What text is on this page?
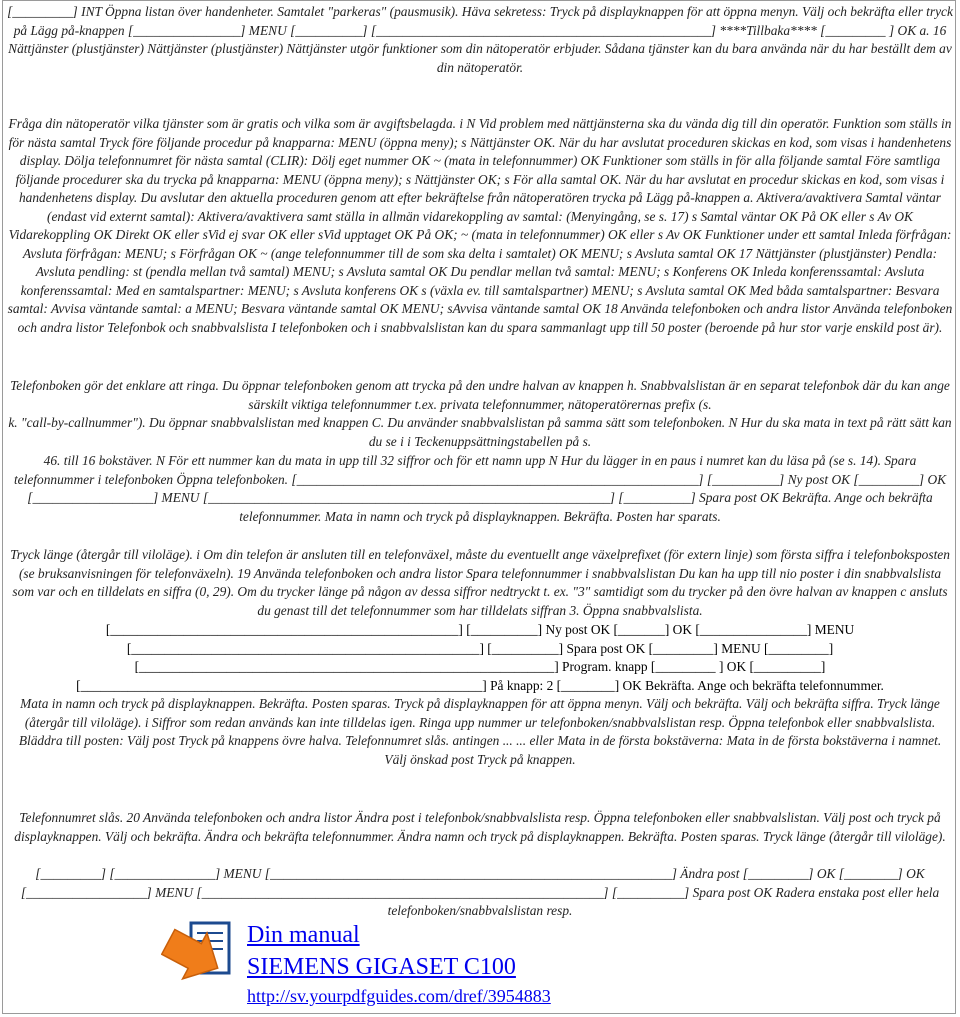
[_________] INT Öppna listan över handenheter. Samtalet "parkeras" (pausmusik). Häva sekretess: Tryck på displayknappen för att öppna menyn. Välj och bekräfta eller tryck på Lägg på-knappen [________________] MENU [__________] [__________________________________________________] ****Tillbaka**** [_________ ] OK a. 16 Nättjänster (plustjänster) Nättjänster (plustjänster) Nättjänster utgör funktioner som din nätoperatör erbjuder. Sådana tjänster kan du bara använda när du har beställt dem av din nätoperatör.
Fråga din nätoperatör vilka tjänster som är gratis och vilka som är avgiftsbelagda. i N Vid problem med nättjänsterna ska du vända dig till din operatör. Funktion som ställs in för nästa samtal Tryck före följande procedur på knapparna: MENU (öppna meny); s Nättjänster OK. När du har avslutat proceduren skickas en kod, som visas i handenhetens display. Dölja telefonnumret för nästa samtal (CLIR): Dölj eget nummer OK ~ (mata in telefonnummer) OK Funktioner som ställs in för alla följande samtal Före samtliga följande procedurer ska du trycka på knapparna: MENU (öppna meny); s Nättjänster OK; s För alla samtal OK. När du har avslutat en procedur skickas en kod, som visas i handenhetens display. Du avslutar den aktuella proceduren genom att efter bekräftelse från nätoperatören trycka på Lägg på-knappen a. Aktivera/avaktivera Samtal väntar (endast vid externt samtal): Aktivera/avaktivera samt ställa in allmän vidarekoppling av samtal: (Menyingång, se s. 17) s Samtal väntar OK På OK eller s Av OK Vidarekoppling OK Direkt OK eller sVid ej svar OK eller sVid upptaget OK På OK; ~ (mata in telefonnummer) OK eller s Av OK Funktioner under ett samtal Inleda förfrågan: Avsluta förfrågan: MENU; s Förfrågan OK ~ (ange telefonnummer till de som ska delta i samtalet) OK MENU; s Avsluta samtal OK 17 Nättjänster (plustjänster) Pendla: Avsluta pendling: st (pendla mellan två samtal) MENU; s Avsluta samtal OK Du pendlar mellan två samtal: MENU; s Konferens OK Inleda konferenssamtal: Avsluta konferenssamtal: Med en samtalspartner: MENU; s Avsluta konferens OK s (växla ev. till samtalspartner) MENU; s Avsluta samtal OK Med båda samtalspartner: Besvara samtal: Avvisa väntande samtal: a MENU; Besvara väntande samtal OK MENU; sAvvisa väntande samtal OK 18 Använda telefonboken och andra listor Använda telefonboken och andra listor Telefonbok och snabbvalslista I telefonboken och i snabbvalslistan kan du spara sammanlagt upp till 50 poster (beroende på hur stor varje enskild post är).
Telefonboken gör det enklare att ringa. Du öppnar telefonboken genom att trycka på den undre halvan av knappen h. Snabbvalslistan är en separat telefonbok där du kan ange särskilt viktiga telefonnummer t.ex. privata telefonnummer, nätoperatörernas prefix (s.
k. "call-by-callnummer"). Du öppnar snabbvalslistan med knappen C. Du använder snabbvalslistan på samma sätt som telefonboken. N Hur du ska mata in text på rätt sätt kan du se i i Teckenuppsättningstabellen på s.
46. till 16 bokstäver. N För ett nummer kan du mata in upp till 32 siffror och för ett namn upp N Hur du lägger in en paus i numret kan du läsa på (se s. 14). Spara telefonnummer i telefonboken Öppna telefonboken. [____________________________________________________________] [__________] Ny post OK [_________] OK [__________________] MENU [____________________________________________________________] [__________] Spara post OK Bekräfta. Ange och bekräfta telefonnummer. Mata in namn och tryck på displayknappen. Bekräfta. Posten har sparats.
Tryck länge (återgår till viloläge). i Om din telefon är ansluten till en telefonväxel, måste du eventuellt ange växelprefixet (för extern linje) som första siffra i telefonboksposten (se bruksanvisningen för telefonväxeln). 19 Använda telefonboken och andra listor Spara telefonnummer i snabbvalslistan Du kan ha upp till nio poster i din snabbvalslista som var och en tilldelats en siffra (0, 29). Om du trycker länge på någon av dessa siffror nedtryckt t. ex. "3" samtidigt som du trycker på den övre halvan av knappen c ansluts du genast till det telefonnummer som har tilldelats siffran 3. Öppna snabbvalslista.
[____________________________________________________] [__________] Ny post OK [_______] OK [________________] MENU [____________________________________________________] [__________] Spara post OK [_________] MENU [_________] [______________________________________________________________] Program. knapp [_________ ] OK [__________] [____________________________________________________________] På knapp: 2 [________] OK Bekräfta. Ange och bekräfta telefonnummer.
Mata in namn och tryck på displayknappen. Bekräfta. Posten sparas. Tryck på displayknappen för att öppna menyn. Välj och bekräfta. Välj och bekräfta siffra. Tryck länge (återgår till viloläge). i Siffror som redan används kan inte tilldelas igen. Ringa upp nummer ur telefonboken/snabbvalslistan resp. Öppna telefonbok eller snabbvalslista. Bläddra till posten: Välj post Tryck på knappens övre halva. Telefonnumret slås. antingen ... ... eller Mata in de första bokstäverna: Mata in de första bokstäverna i namnet. Välj önskad post Tryck på knappen.
Telefonnumret slås. 20 Använda telefonboken och andra listor Ändra post i telefonbok/snabbvalslista resp. Öppna telefonboken eller snabbvalslistan. Välj post och tryck på displayknappen. Välj och bekräfta. Ändra och bekräfta telefonnummer. Ändra namn och tryck på displayknappen. Bekräfta. Posten sparas. Tryck länge (återgår till viloläge).
[_________] [_______________] MENU [____________________________________________________________] Ändra post [_________] OK [________] OK [__________________] MENU [____________________________________________________________] [__________] Spara post OK Radera enstaka post eller hela telefonboken/snabbvalslistan resp.
Din manual
SIEMENS GIGASET C100
http://sv.yourpdfguides.com/dref/3954883
